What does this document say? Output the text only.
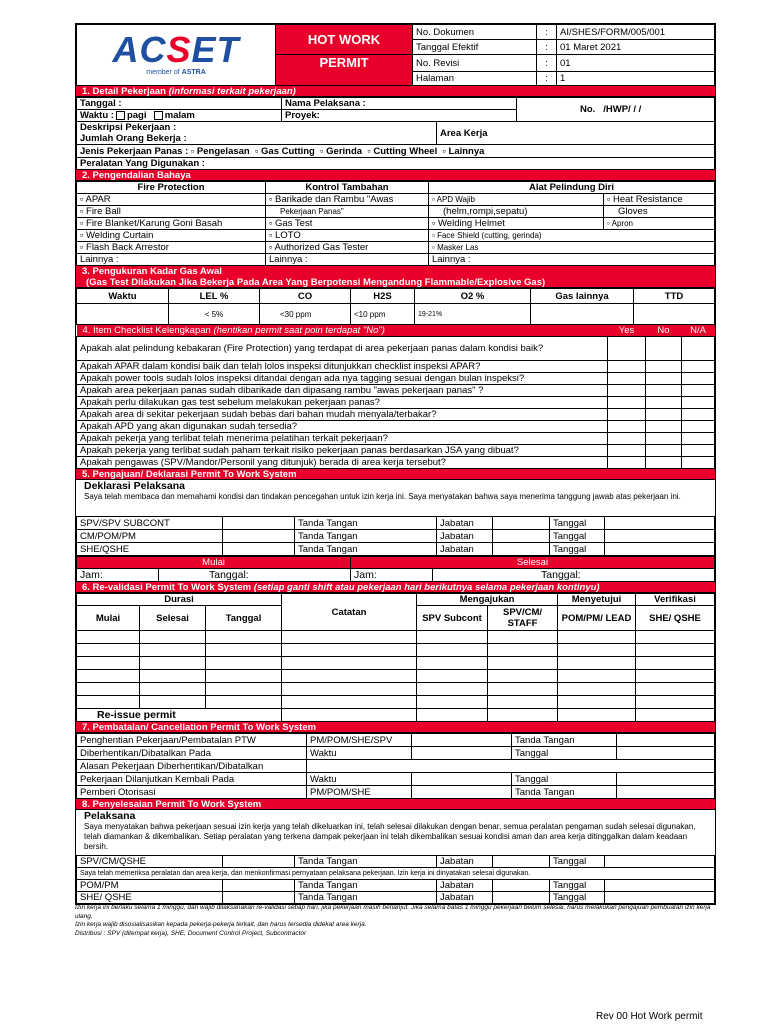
ACSET
member of ASTRA	HOT WORK	No. Dokumen	:	AI/SHES/FORM/005/001
		Tanggal Efektif	:	01 Maret 2021
	PERMIT	No. Revisi	:	01
		Halaman	:	1
1. Detail Pekerjaan (informasi terkait pekerjaan)
Tanggal :	Nama Pelaksana :		No. /HWP/ / /
Waktu : pagi malam	Proyek:		
Deskripsi Pekerjaan :		Area Kerja	
Jumlah Orang Bekerja :			
Jenis Pekerjaan Panas : ▫ Pengelasan  ▫ Gas Cutting  ▫ Gerinda  ▫ Cutting Wheel  ▫ Lainnya			
Peralatan Yang Digunakan :			
2. Pengendalian Bahaya
Fire Protection	Kontrol Tambahan	Alat Pelindung Diri	
▫ APAR	▫ Barikade dan Rambu "Awas	▫ APD Wajib	▫ Heat Resistance
▫ Fire Ball	Pekerjaan Panas"	(helm,rompi,sepatu)	Gloves
▫ Fire Blanket/Karung Goni Basah	▫ Gas Test	▫ Welding Helmet	▫ Apron
▫ Welding Curtain	▫ LOTO	▫ Face Shield (cutting, gerinda)	
▫ Flash Back Arrestor	▫ Authorized Gas Tester	▫ Masker Las	
Lainnya :	Lainnya :	Lainnya :	
3. Pengukuran Kadar Gas Awal
(Gas Test Dilakukan Jika Bekerja Pada Area Yang Berpotensi Mengandung Flammable/Explosive Gas)
Waktu	LEL %	CO	H2S	O2 %	Gas lainnya	TTD
	< 5%	<30 ppm	<10 ppm	19-21%		
4. Item Checklist Kelengkapan (hentikan permit saat poin terdapat "No")	Yes	No	N/A
Apakah alat pelindung kebakaran (Fire Protection) yang terdapat di area pekerjaan panas dalam kondisi baik?			
Apakah APAR dalam kondisi baik dan telah lolos inspeksi ditunjukkan checklist inspeksi APAR?			
Apakah power tools sudah lolos inspeksi ditandai dengan ada nya tagging sesuai dengan bulan inspeksi?			
Apakah area pekerjaan panas sudah dibarikade dan dipasang rambu "awas pekerjaan panas" ?			
Apakah perlu dilakukan gas test sebelum melakukan pekerjaan panas?			
Apakah area di sekitar pekerjaan sudah bebas dari bahan mudah menyala/terbakar?			
Apakah APD yang akan digunakan sudah tersedia?			
Apakah pekerja yang terlibat telah menerima pelatihan terkait pekerjaan?			
Apakah pekerja yang terlibat sudah paham terkait risiko pekerjaan panas berdasarkan JSA yang dibuat?			
Apakah pengawas (SPV/Mandor/Personil yang ditunjuk) berada di area kerja tersebut?			
5. Pengajuan/ Deklarasi Permit To Work System
Deklarasi Pelaksana

Saya telah membaca dan memahami kondisi dan tindakan pencegahan untuk izin kerja ini. Saya menyatakan bahwa saya menerima tanggung jawab atas pekerjaan ini.

SPV/SPV SUBCONT		Tanda Tangan	Jabatan		Tanggal	
CM/POM/PM		Tanda Tangan	Jabatan		Tanggal	
SHE/QSHE		Tanda Tangan	Jabatan		Tanggal	
Mulai		Selesai	
Jam:	Tanggal:	Jam:	Tanggal:
6. Re-validasi Permit To Work System (setiap ganti shift atau pekerjaan hari berikutnya selama pekerjaan kontinyu)
Durasi			Catatan	Mengajukan		Menyetujui	Verifikasi
Mulai	Selesai	Tanggal		SPV Subcont	SPV/CM/ STAFF	POM/PM/ LEAD	SHE/ QSHE

Re-issue permit							
7. Pembatalan/ Cancellation Permit To Work System
Penghentian Pekerjaan/Pembatalan PTW	PM/POM/SHE/SPV		Tanda Tangan	
Diberhentikan/Dibatalkan Pada	Waktu		Tanggal	
Alasan Pekerjaan Diberhentikan/Dibatalkan				
Pekerjaan Dilanjutkan Kembali Pada	Waktu		Tanggal	
Pemberi Otorisasi	PM/POM/SHE		Tanda Tangan	
8. Penyelesaian Permit To Work System
Pelaksana

Saya menyatakan bahwa pekerjaan sesuai izin kerja yang telah dikeluarkan ini, telah selesai dilakukan dengan benar, semua peralatan pengaman sudah selesai digunakan, telah diamankan & dikembalikan. Setiap peralatan yang terkena dampak pekerjaan ini telah dikembalikan sesuai kondisi aman dan area kerja ditinggalkan dalam keadaan bersih.

SPV/CM/QSHE		Tanda Tangan	Jabatan		Tanggal	
Saya telah memeriksa peralatan dan area kerja, dan menkonfirmasi pernyataan pelaksana pekerjaan. Izin kerja ini dinyatakan selesai digunakan.						
POM/PM		Tanda Tangan	Jabatan		Tanggal	
SHE/ QSHE		Tanda Tangan	Jabatan		Tanggal	
Izin kerja ini berlaku selama 1 minggu, dan wajib dilaksanakan re-validasi setiap hari, jika pekerjaan masih berlanjut. Jika selama batas 1 minggu pekerjaan belum selesai, harus melakukan pengajuan pembuatan izin kerja ulang.
Izin kerja wajib disosialisasikan kepada pekerja-pekerja terkait, dan harus tersedia didekat area kerja.
Distribusi : SPV (ditempat kerja), SHE, Document Control Project, Subcontractor
Rev 00 Hot Work permit
